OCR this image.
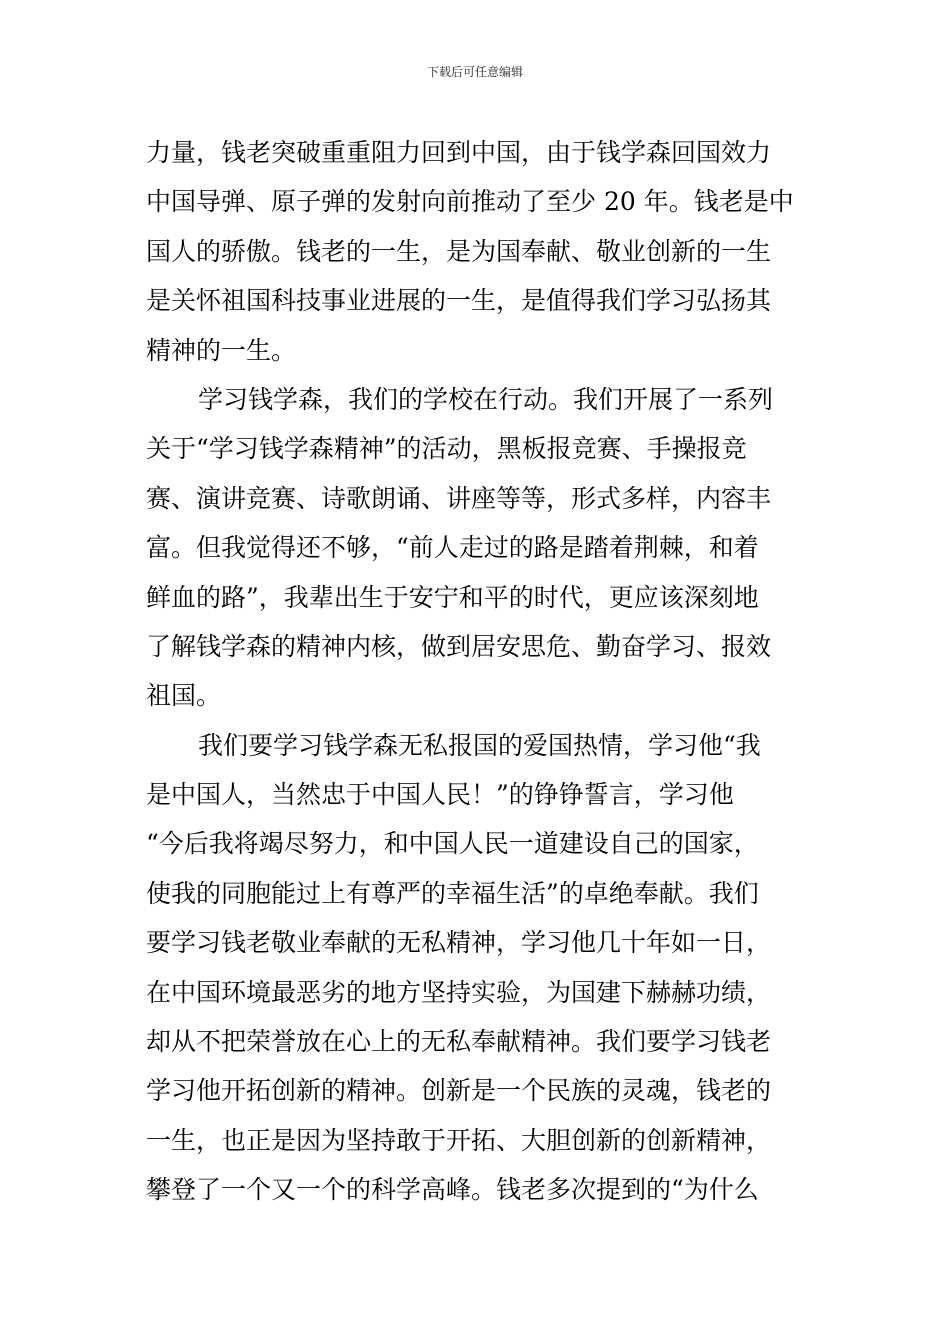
下载后可任意编辑
力量，钱老突破重重阻力回到中国，由于钱学森回国效力
中国导弹、原子弹的发射向前推动了至少 20 年。钱老是中
国人的骄傲。钱老的一生，是为国奉献、敬业创新的一生
是关怀祖国科技事业进展的一生，是值得我们学习弘扬其
精神的一生。
学习钱学森，我们的学校在行动。我们开展了一系列
关于“学习钱学森精神”的活动，黑板报竞赛、手操报竞
赛、演讲竞赛、诗歌朗诵、讲座等等，形式多样，内容丰
富。但我觉得还不够，“前人走过的路是踏着荆棘，和着
鲜血的路”，我辈出生于安宁和平的时代，更应该深刻地
了解钱学森的精神内核，做到居安思危、勤奋学习、报效
祖国。
我们要学习钱学森无私报国的爱国热情，学习他“我
是中国人，当然忠于中国人民！”的铮铮誓言，学习他
“今后我将竭尽努力，和中国人民一道建设自己的国家，
使我的同胞能过上有尊严的幸福生活”的卓绝奉献。我们
要学习钱老敬业奉献的无私精神，学习他几十年如一日，
在中国环境最恶劣的地方坚持实验，为国建下赫赫功绩，
却从不把荣誉放在心上的无私奉献精神。我们要学习钱老
学习他开拓创新的精神。创新是一个民族的灵魂，钱老的
一生，也正是因为坚持敢于开拓、大胆创新的创新精神，
攀登了一个又一个的科学高峰。钱老多次提到的“为什么
